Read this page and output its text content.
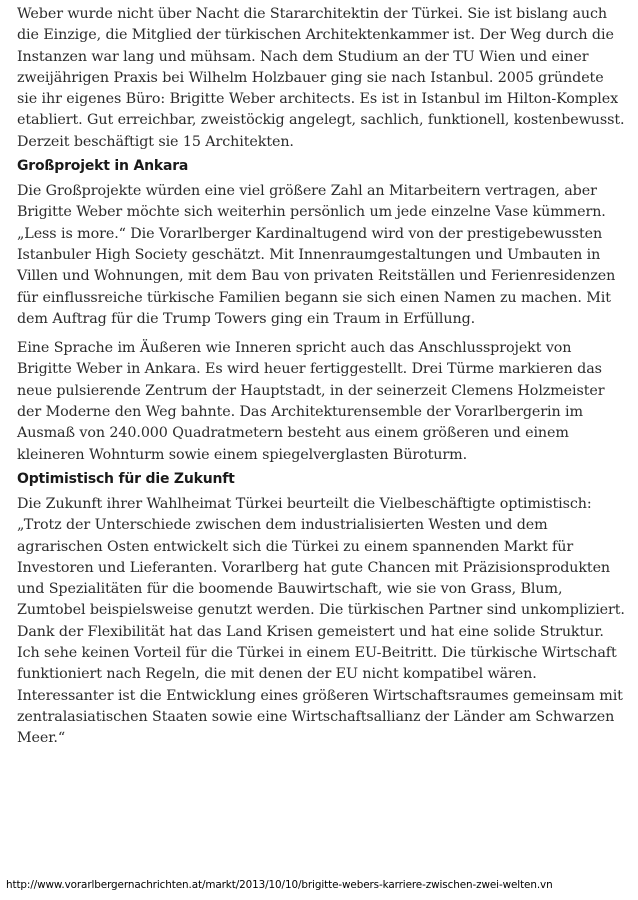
Weber wurde nicht über Nacht die Stararchitektin der Türkei. Sie ist bislang auch die Einzige, die Mitglied der türkischen Architektenkammer ist. Der Weg durch die Instanzen war lang und mühsam. Nach dem Studium an der TU Wien und einer zweijährigen Praxis bei Wilhelm Holzbauer ging sie nach Istanbul. 2005 gründete sie ihr eigenes Büro: Brigitte Weber architects. Es ist in Istanbul im Hilton-Komplex etabliert. Gut erreichbar, zweistöckig angelegt, sachlich, funktionell, kostenbewusst. Derzeit beschäftigt sie 15 Architekten.

Großprojekt in Ankara

Die Großprojekte würden eine viel größere Zahl an Mitarbeitern vertragen, aber Brigitte Weber möchte sich weiterhin persönlich um jede einzelne Vase kümmern. „Less is more.“ Die Vorarlberger Kardinaltugend wird von der prestigebewussten Istanbuler High Society geschätzt. Mit Innenraumgestaltungen und Umbauten in Villen und Wohnungen, mit dem Bau von privaten Reitställen und Ferienresidenzen für einflussreiche türkische Familien begann sie sich einen Namen zu machen. Mit dem Auftrag für die Trump Towers ging ein Traum in Erfüllung.

Eine Sprache im Äußeren wie Inneren spricht auch das Anschlussprojekt von Brigitte Weber in Ankara. Es wird heuer fertiggestellt. Drei Türme markieren das neue pulsierende Zentrum der Hauptstadt, in der seinerzeit Clemens Holzmeister der Moderne den Weg bahnte. Das Architekturensemble der Vorarlbergerin im Ausmaß von 240.000 Quadratmetern besteht aus einem größeren und einem kleineren Wohnturm sowie einem spiegelverglasten Büroturm.

Optimistisch für die Zukunft

Die Zukunft ihrer Wahlheimat Türkei beurteilt die Vielbeschäftigte optimistisch: „Trotz der Unterschiede zwischen dem industrialisierten Westen und dem agrarischen Osten entwickelt sich die Türkei zu einem spannenden Markt für Investoren und Lieferanten. Vorarlberg hat gute Chancen mit Präzisionsprodukten und Spezialitäten für die boomende Bauwirtschaft, wie sie von Grass, Blum, Zumtobel beispielsweise genutzt werden. Die türkischen Partner sind unkompliziert. Dank der Flexibilität hat das Land Krisen gemeistert und hat eine solide Struktur. Ich sehe keinen Vorteil für die Türkei in einem EU-Beitritt. Die türkische Wirtschaft funktioniert nach Regeln, die mit denen der EU nicht kompatibel wären. Interessanter ist die Entwicklung eines größeren Wirtschaftsraumes gemeinsam mit zentralasiatischen Staaten sowie eine Wirtschaftsallianz der Länder am Schwarzen Meer.“

http://www.vorarlbergernachrichten.at/markt/2013/10/10/brigitte-webers-karriere-zwischen-zwei-welten.vn
